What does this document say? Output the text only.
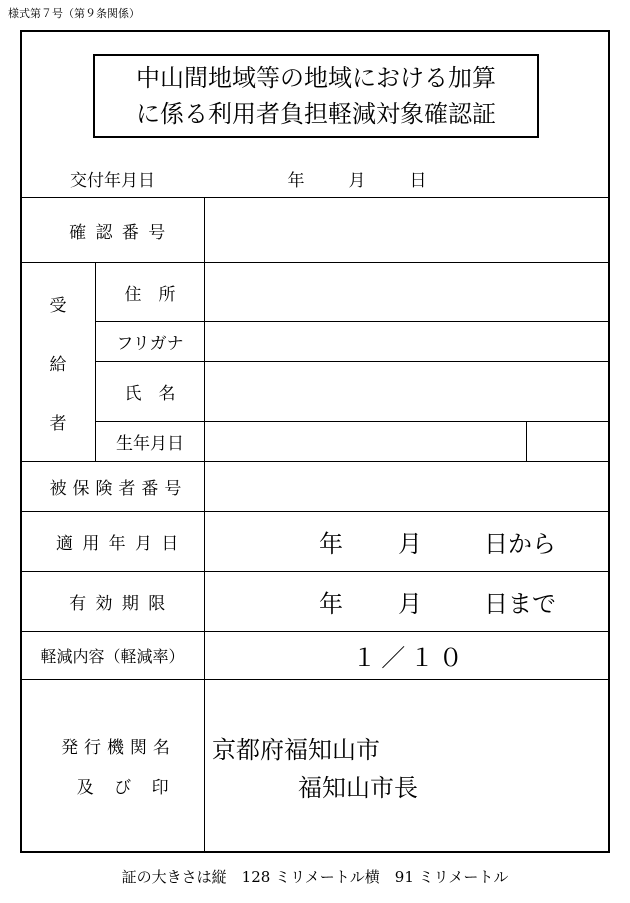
様式第７号（第９条関係）
中山間地域等の地域における加算
に係る利用者負担軽減対象確認証
交付年月日	年	月	日
確認番号
受
給
者
住　所
フリガナ
氏　名
生年月日
被保険者番号
適用年月日	年 月	日から
有効期限	年 月	日まで
軽減内容（軽減率）	１／１０
発行機関名
及び印
京都府福知山市
福知山市長
証の大きさは縦　128 ミリメートル横　91 ミリメートル
